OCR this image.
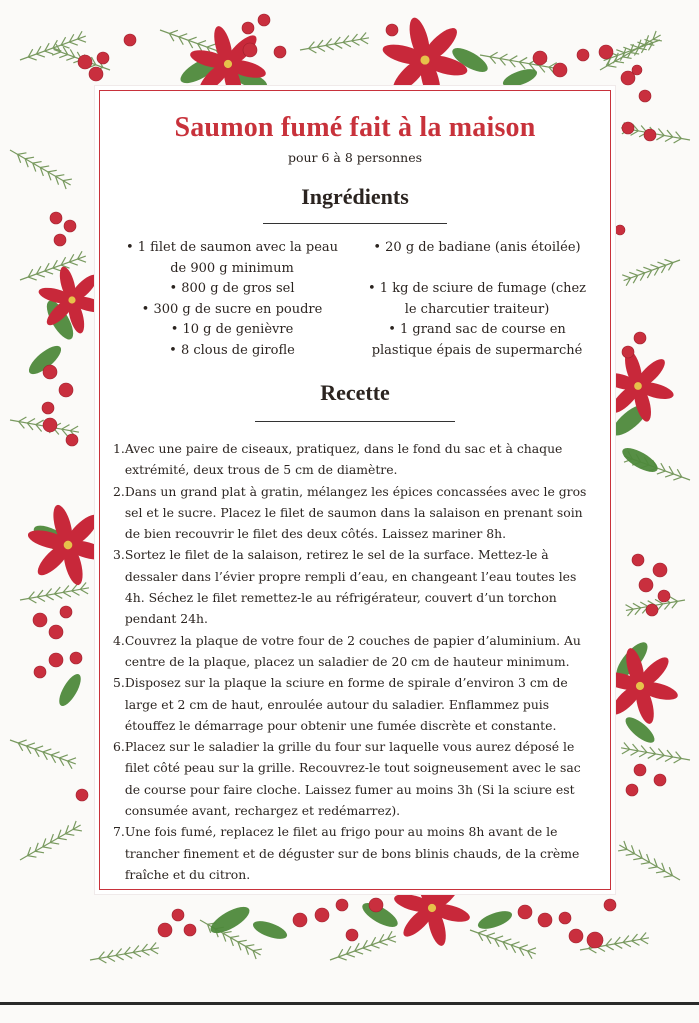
Saumon fumé fait à la maison
pour 6 à 8 personnes
Ingrédients
• 1 filet de saumon avec la peau
de 900 g minimum
• 800 g de gros sel
• 300 g de sucre en poudre
• 10 g de genièvre
• 8 clous de girofle
• 20 g de badiane (anis étoilée)

• 1 kg de sciure de fumage (chez
le charcutier traiteur)
• 1 grand sac de course en
plastique épais de supermarché
Recette
1. Avec une paire de ciseaux, pratiquez, dans le fond du sac et à chaque extrémité, deux trous de 5 cm de diamètre.
2. Dans un grand plat à gratin, mélangez les épices concassées avec le gros sel et le sucre. Placez le filet de saumon dans la salaison en prenant soin de bien recouvrir le filet des deux côtés. Laissez mariner 8h.
3. Sortez le filet de la salaison, retirez le sel de la surface. Mettez-le à dessaler dans l’évier propre rempli d’eau, en changeant l’eau toutes les 4h. Séchez le filet remettez-le au réfrigérateur, couvert d’un torchon pendant 24h.
4. Couvrez la plaque de votre four de 2 couches de papier d’aluminium. Au centre de la plaque, placez un saladier de 20 cm de hauteur minimum.
5. Disposez sur la plaque la sciure en forme de spirale d’environ 3 cm de large et 2 cm de haut, enroulée autour du saladier. Enflammez puis étouffez le démarrage pour obtenir une fumée discrète et constante.
6. Placez sur le saladier la grille du four sur laquelle vous aurez déposé le filet côté peau sur la grille. Recouvrez-le tout soigneusement avec le sac de course pour faire cloche. Laissez fumer au moins 3h (Si la sciure est consumée avant, rechargez et redémarrez).
7. Une fois fumé, replacez le filet au frigo pour au moins 8h avant de le trancher finement et de déguster sur de bons blinis chauds, de la crème fraîche et du citron.
